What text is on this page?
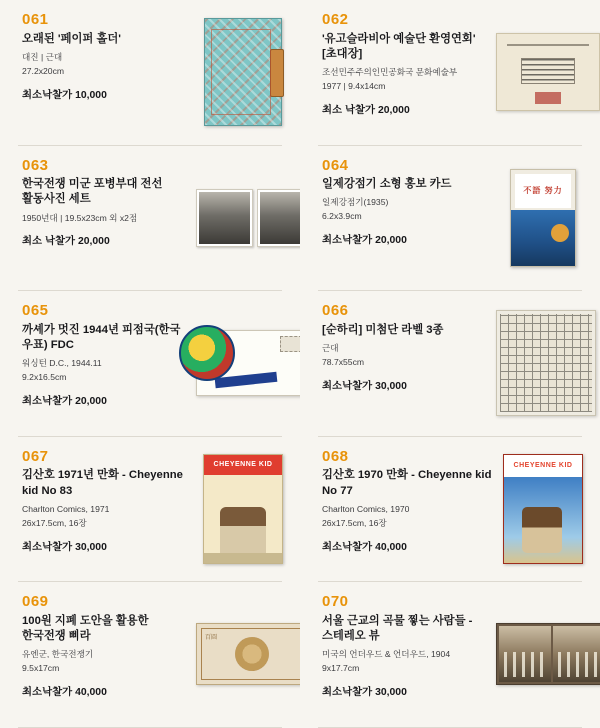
061
오래된 '페이퍼 홀더'
대진 | 근대
27.2x20cm
최소낙찰가 10,000
062
'유고슬라비아 예술단 환영연회' [초대장]
조선민주주의인민공화국 문화예술부
1977 | 9.4x14cm
최소 낙찰가 20,000
063
한국전쟁 미군 포병부대 전선 활동사진 세트
1950년대 | 19.5x23cm 외 x2점
최소 낙찰가 20,000
064
일제강점기 소형 홍보 카드
일제강점기(1935)
6.2x3.9cm
최소낙찰가 20,000
不語 努力
065
까셰가 멋진 1944년 피점국(한국 우표) FDC
워싱턴 D.C., 1944.11
9.2x16.5cm
최소낙찰가 20,000
066
[순하리] 미첨단 라벨 3종
근대
78.7x55cm
최소낙찰가 30,000
067
김산호 1971년 만화 - Cheyenne kid No 83
Charlton Comics, 1971
26x17.5cm, 16장
최소낙찰가 30,000
CHEYENNE KID	068
김산호 1970 만화 - Cheyenne kid No 77
Charlton Comics, 1970
26x17.5cm, 16장
최소낙찰가 40,000
CHEYENNE KID
069
100원 지폐 도안을 활용한 한국전쟁 삐라
유엔군, 한국전쟁기
9.5x17cm
최소낙찰가 40,000
百圓
070
서울 근교의 곡물 찧는 사람들 - 스테레오 뷰
미국의 언더우드 & 언더우드, 1904
9x17.7cm
최소낙찰가 30,000
